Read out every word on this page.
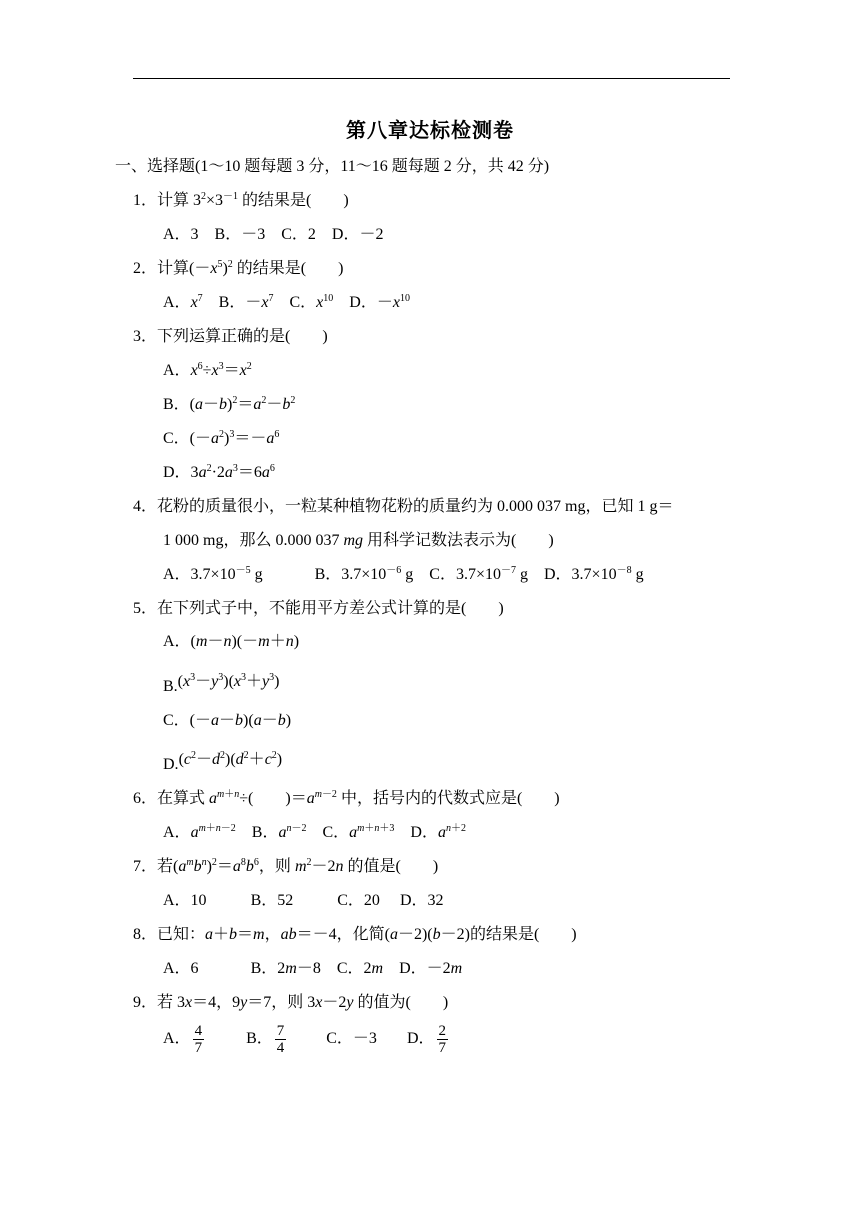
第八章达标检测卷
一、选择题(1～10 题每题 3 分，11～16 题每题 2 分，共 42 分)
1．计算 $3^2\times 3^{-1}$ 的结果是(　　)
A．3　B．－3　C．2　D．－2
2．计算$(-x^5)^2$ 的结果是(　　)
A．$x^7$　B．$-x^7$　C．$x^{10}$　D．$-x^{10}$
3．下列运算正确的是(　　)
A．$x^6\div x^3=x^2$
B．$(a-b)^2=a^2-b^2$
C．$(-a^2)^3=-a^6$
D．$3a^2\cdot 2a^3=6a^6$
4．花粉的质量很小，一粒某种植物花粉的质量约为 0.000 037 mg，已知 1 g＝
1 000 mg，那么 0.000 037 mg 用科学记数法表示为(　　)
A．$3.7\times 10^{-5}$ g	B．$3.7\times 10^{-6}$ g　C．$3.7\times 10^{-7}$ g　D．$3.7\times 10^{-8}$ g
5．在下列式子中，不能用平方差公式计算的是(　　)
A．(m－n)(－m＋n)
$B.(x^3-y^3)(x^3+y^3)$
C．(－a－b)(a－b)
$D.(c^2-d^2)(d^2+c^2)$
6．在算式 $a^{m+n}\div$(　　)$=a^{m-2}$ 中，括号内的代数式应是(　　)
A．$a^{m+n-2}$　B．$a^{n-2}$　C．$a^{m+n+3}$　D．$a^{n+2}$
7．若$(a^mb^n)^2=a^8b^6$，则 $m^2-2n$ 的值是(　　)
A．10	B．52	C．20 D．32
8．已知：a＋b＝m，ab＝－4，化简(a－2)(b－2)的结果是(　　)
A．6	B．2m－8　C．2m　D．－2m
9．若 3x＝4，9y＝7，则 3x－2y 的值为(　　)
A． $\frac{4}{7}$	B． $\frac{7}{4}$	C．－3 D． $\frac{2}{7}$
